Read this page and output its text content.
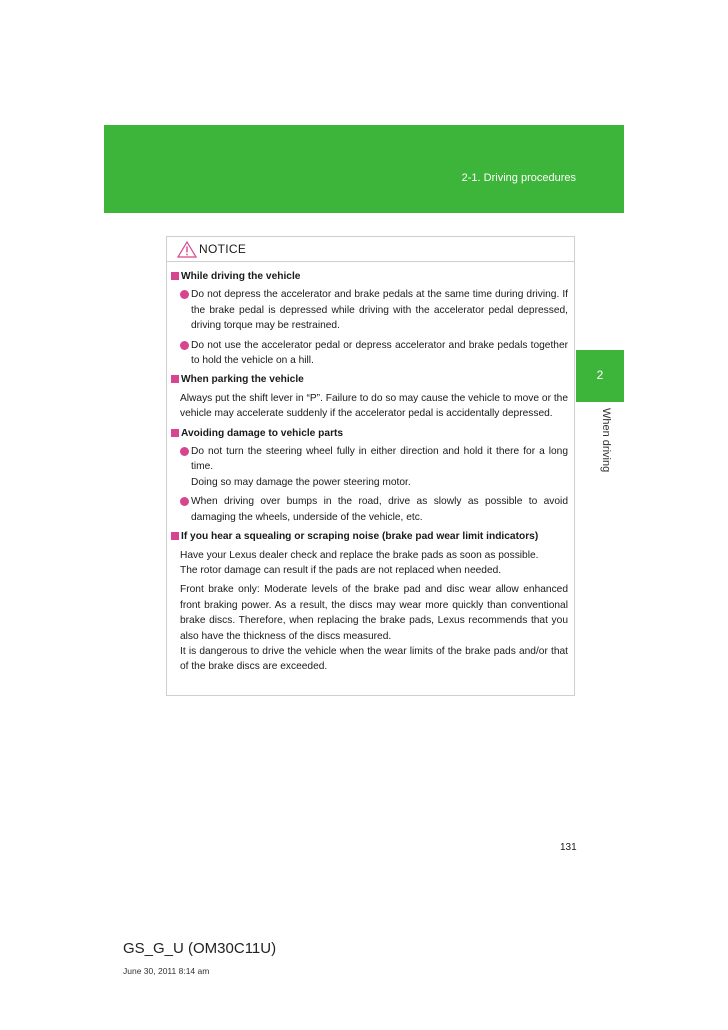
2-1. Driving procedures
2
When driving
NOTICE
While driving the vehicle
Do not depress the accelerator and brake pedals at the same time during driving. If the brake pedal is depressed while driving with the accelerator pedal depressed, driving torque may be restrained.
Do not use the accelerator pedal or depress accelerator and brake pedals together to hold the vehicle on a hill.
When parking the vehicle
Always put the shift lever in “P”. Failure to do so may cause the vehicle to move or the vehicle may accelerate suddenly if the accelerator pedal is accidentally depressed.
Avoiding damage to vehicle parts
Do not turn the steering wheel fully in either direction and hold it there for a long time.
Doing so may damage the power steering motor.
When driving over bumps in the road, drive as slowly as possible to avoid damaging the wheels, underside of the vehicle, etc.
If you hear a squealing or scraping noise (brake pad wear limit indicators)
Have your Lexus dealer check and replace the brake pads as soon as possible.
The rotor damage can result if the pads are not replaced when needed.
Front brake only: Moderate levels of the brake pad and disc wear allow enhanced front braking power. As a result, the discs may wear more quickly than conventional brake discs. Therefore, when replacing the brake pads, Lexus recommends that you also have the thickness of the discs measured.
It is dangerous to drive the vehicle when the wear limits of the brake pads and/or that of the brake discs are exceeded.
131
GS_G_U (OM30C11U)
June 30, 2011 8:14 am
